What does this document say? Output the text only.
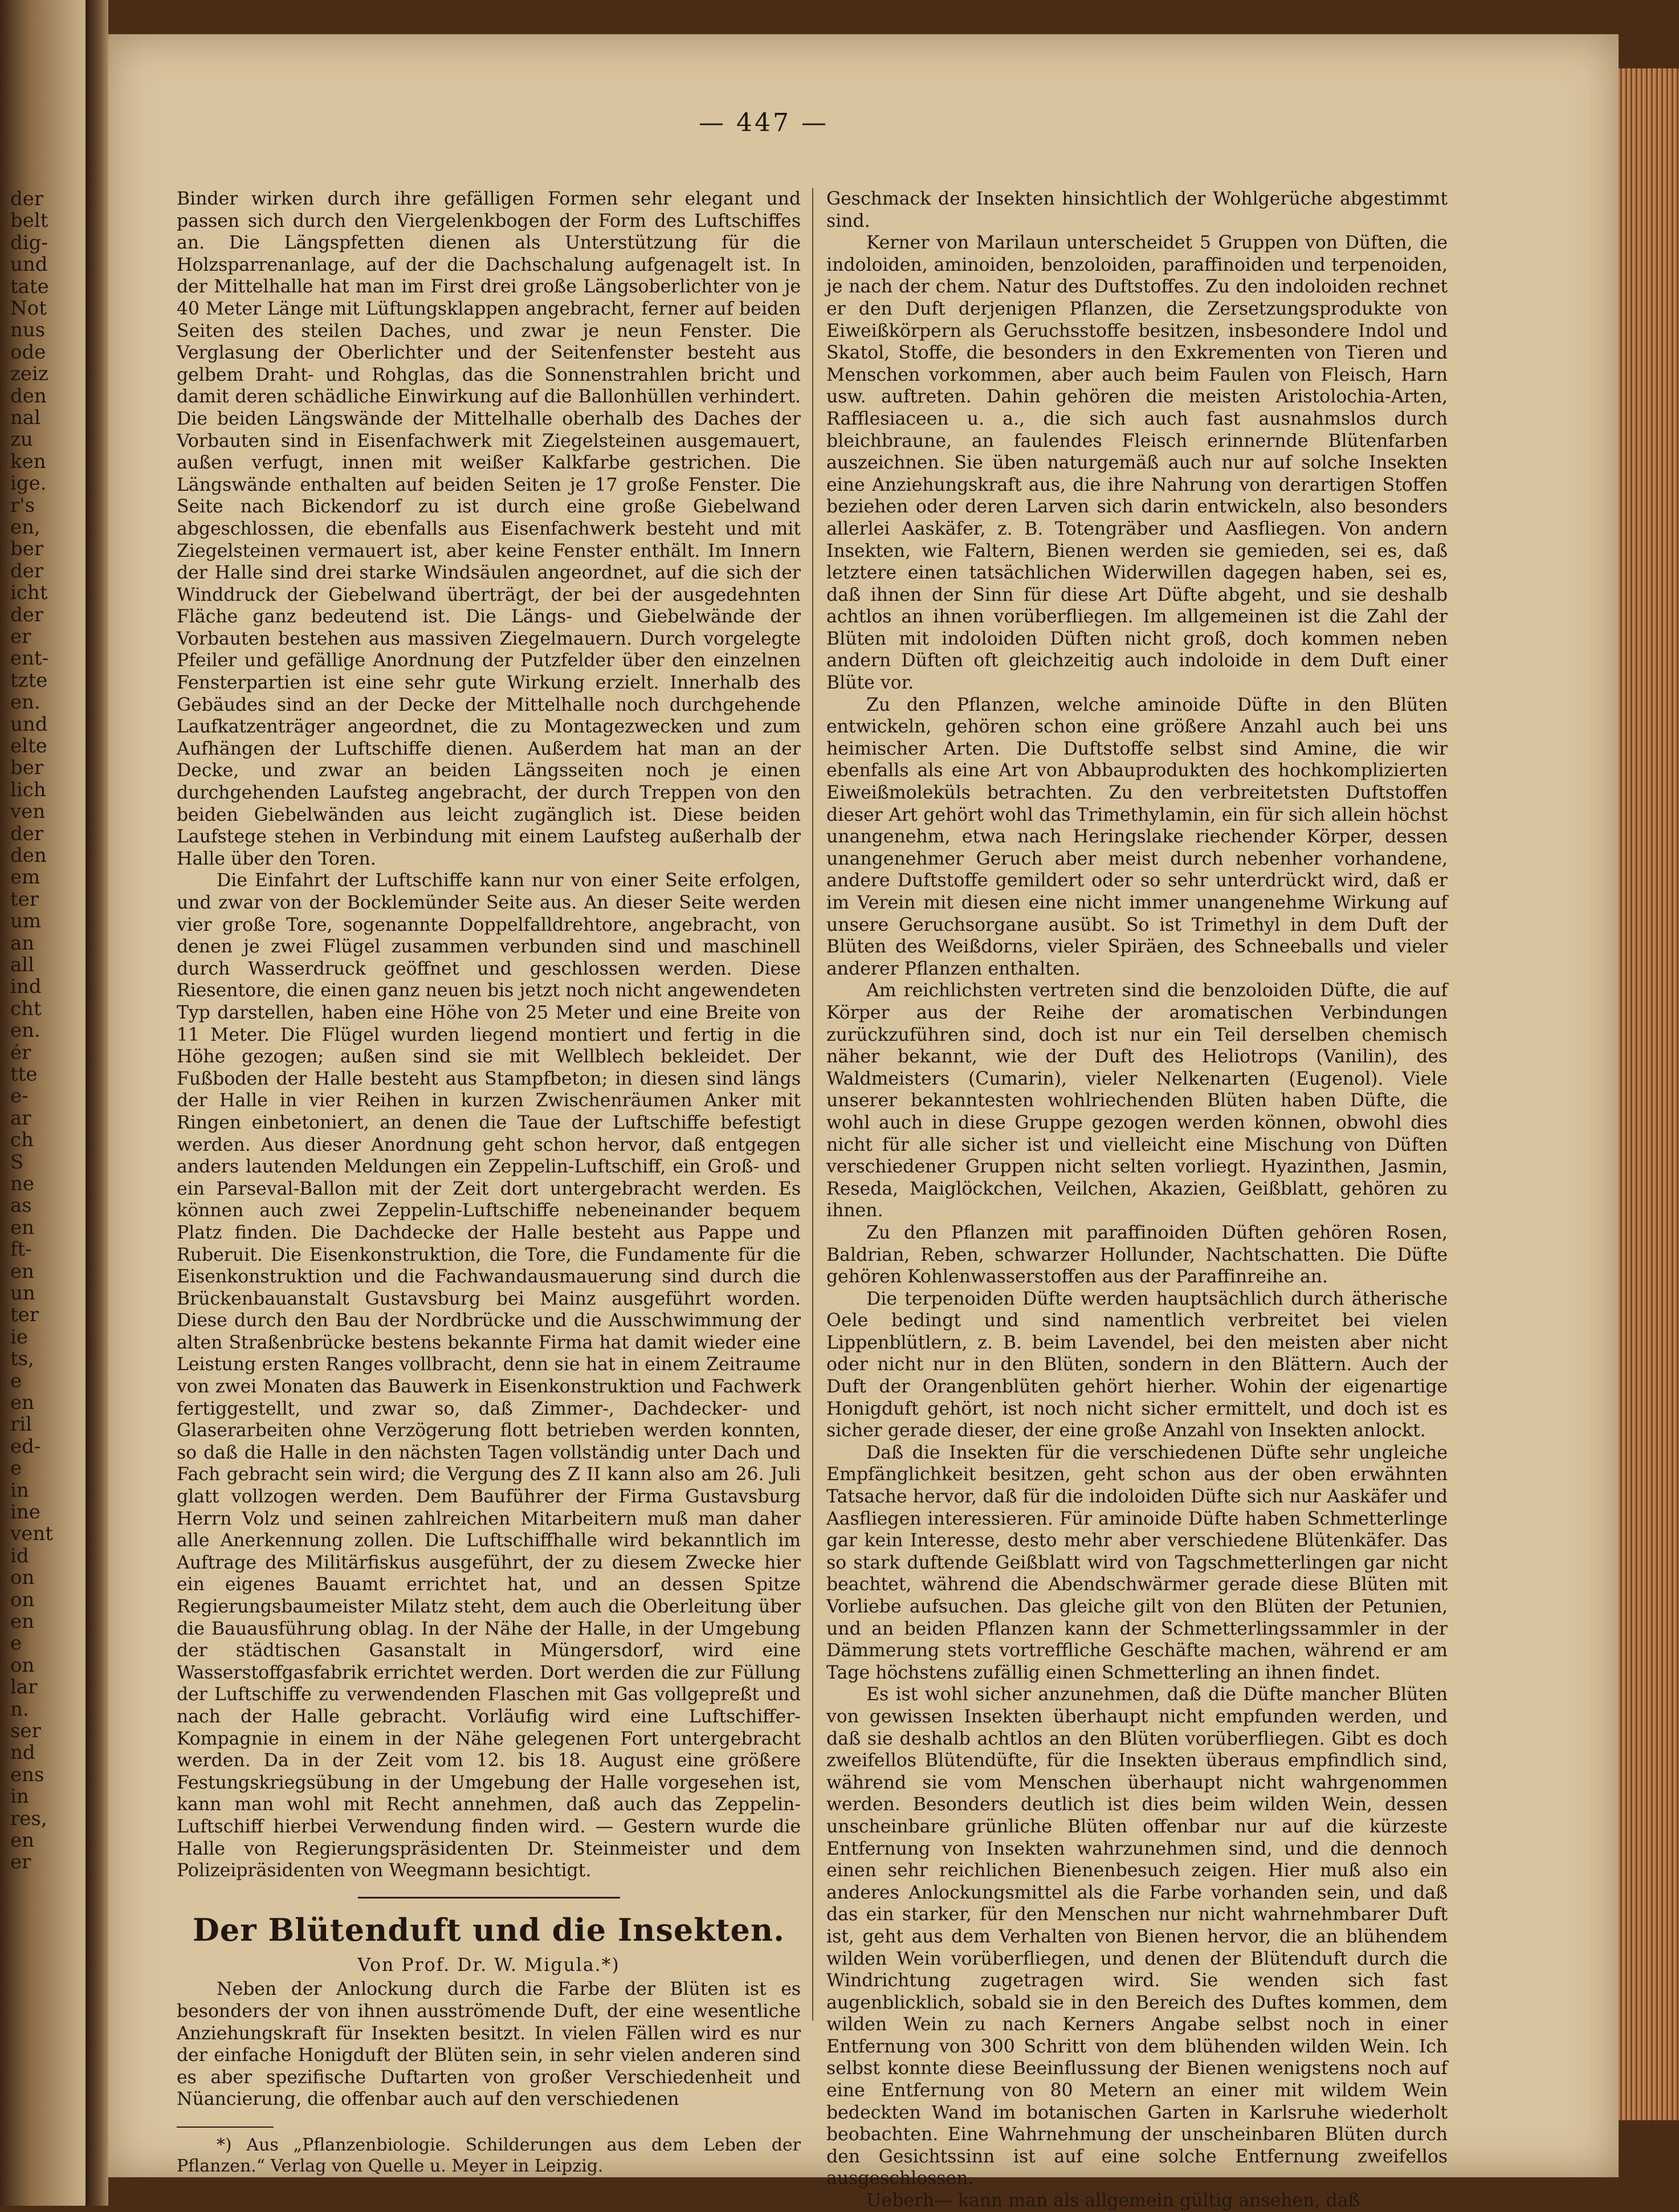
der
belt
dig-
und
tate
Not
nus
ode
zeiz
den
nal
zu
ken
ige.
r's
en,
ber
der
icht
der
er
ent-
tzte
en.
und
elte
ber
lich
ven
der
den
em
ter
um
an
all
ind
cht
en.
ér
tte
e-
ar
ch
S
ne
as
en
ft-
en
un
ter
ie
ts,
e
en
ril
ed-
e
in
ine
vent
id
on
on
en
e
on
lar
n.
ser
nd
ens
in
res,
en
er
— 447 —

Binder wirken durch ihre gefälligen Formen sehr elegant und passen sich durch den Viergelenkbogen der Form des Luftschiffes an. Die Längspfetten dienen als Unterstützung für die Holzsparrenanlage, auf der die Dachschalung aufgenagelt ist. In der Mittelhalle hat man im First drei große Längsoberlichter von je 40 Meter Länge mit Lüftungsklappen angebracht, ferner auf beiden Seiten des steilen Daches, und zwar je neun Fenster. Die Verglasung der Oberlichter und der Seitenfenster besteht aus gelbem Draht- und Rohglas, das die Sonnenstrahlen bricht und damit deren schädliche Einwirkung auf die Ballonhüllen verhindert. Die beiden Längswände der Mittelhalle oberhalb des Daches der Vorbauten sind in Eisenfachwerk mit Ziegelsteinen ausgemauert, außen verfugt, innen mit weißer Kalkfarbe gestrichen. Die Längswände enthalten auf beiden Seiten je 17 große Fenster. Die Seite nach Bickendorf zu ist durch eine große Giebelwand abgeschlossen, die ebenfalls aus Eisenfachwerk besteht und mit Ziegelsteinen vermauert ist, aber keine Fenster enthält. Im Innern der Halle sind drei starke Windsäulen angeordnet, auf die sich der Winddruck der Giebelwand überträgt, der bei der ausgedehnten Fläche ganz bedeutend ist. Die Längs- und Giebelwände der Vorbauten bestehen aus massiven Ziegelmauern. Durch vorgelegte Pfeiler und gefällige Anordnung der Putzfelder über den einzelnen Fensterpartien ist eine sehr gute Wirkung erzielt. Innerhalb des Gebäudes sind an der Decke der Mittelhalle noch durchgehende Laufkatzenträger angeordnet, die zu Montagezwecken und zum Aufhängen der Luftschiffe dienen. Außerdem hat man an der Decke, und zwar an beiden Längsseiten noch je einen durchgehenden Laufsteg angebracht, der durch Treppen von den beiden Giebelwänden aus leicht zugänglich ist. Diese beiden Laufstege stehen in Verbindung mit einem Laufsteg außerhalb der Halle über den Toren.

Die Einfahrt der Luftschiffe kann nur von einer Seite erfolgen, und zwar von der Bocklemünder Seite aus. An dieser Seite werden vier große Tore, sogenannte Doppelfalldrehtore, angebracht, von denen je zwei Flügel zusammen verbunden sind und maschinell durch Wasserdruck geöffnet und geschlossen werden. Diese Riesentore, die einen ganz neuen bis jetzt noch nicht angewendeten Typ darstellen, haben eine Höhe von 25 Meter und eine Breite von 11 Meter. Die Flügel wurden liegend montiert und fertig in die Höhe gezogen; außen sind sie mit Wellblech bekleidet. Der Fußboden der Halle besteht aus Stampfbeton; in diesen sind längs der Halle in vier Reihen in kurzen Zwischenräumen Anker mit Ringen einbetoniert, an denen die Taue der Luftschiffe befestigt werden. Aus dieser Anordnung geht schon hervor, daß entgegen anders lautenden Meldungen ein Zeppelin-Luftschiff, ein Groß- und ein Parseval-Ballon mit der Zeit dort untergebracht werden. Es können auch zwei Zeppelin-Luftschiffe nebeneinander bequem Platz finden. Die Dachdecke der Halle besteht aus Pappe und Ruberuit. Die Eisenkonstruktion, die Tore, die Fundamente für die Eisenkonstruktion und die Fachwandausmauerung sind durch die Brückenbauanstalt Gustavsburg bei Mainz ausgeführt worden. Diese durch den Bau der Nordbrücke und die Ausschwimmung der alten Straßenbrücke bestens bekannte Firma hat damit wieder eine Leistung ersten Ranges vollbracht, denn sie hat in einem Zeitraume von zwei Monaten das Bauwerk in Eisenkonstruktion und Fachwerk fertiggestellt, und zwar so, daß Zimmer-, Dachdecker- und Glaserarbeiten ohne Verzögerung flott betrieben werden konnten, so daß die Halle in den nächsten Tagen vollständig unter Dach und Fach gebracht sein wird; die Vergung des Z II kann also am 26. Juli glatt vollzogen werden. Dem Bauführer der Firma Gustavsburg Herrn Volz und seinen zahlreichen Mitarbeitern muß man daher alle Anerkennung zollen. Die Luftschiffhalle wird bekanntlich im Auftrage des Militärfiskus ausgeführt, der zu diesem Zwecke hier ein eigenes Bauamt errichtet hat, und an dessen Spitze Regierungsbaumeister Milatz steht, dem auch die Oberleitung über die Bauausführung oblag. In der Nähe der Halle, in der Umgebung der städtischen Gasanstalt in Müngersdorf, wird eine Wasserstoffgasfabrik errichtet werden. Dort werden die zur Füllung der Luftschiffe zu verwendenden Flaschen mit Gas vollgepreßt und nach der Halle gebracht. Vorläufig wird eine Luftschiffer-Kompagnie in einem in der Nähe gelegenen Fort untergebracht werden. Da in der Zeit vom 12. bis 18. August eine größere Festungskriegsübung in der Umgebung der Halle vorgesehen ist, kann man wohl mit Recht annehmen, daß auch das Zeppelin-Luftschiff hierbei Verwendung finden wird. — Gestern wurde die Halle von Regierungspräsidenten Dr. Steinmeister und dem Polizeipräsidenten von Weegmann besichtigt.

Der Blütenduft und die Insekten.
Von Prof. Dr. W. Migula.*)

Neben der Anlockung durch die Farbe der Blüten ist es besonders der von ihnen ausströmende Duft, der eine wesentliche Anziehungskraft für Insekten besitzt. In vielen Fällen wird es nur der einfache Honigduft der Blüten sein, in sehr vielen anderen sind es aber spezifische Duftarten von großer Verschiedenheit und Nüancierung, die offenbar auch auf den verschiedenen

*) Aus „Pflanzenbiologie. Schilderungen aus dem Leben der Pflanzen.“ Verlag von Quelle u. Meyer in Leipzig.

Geschmack der Insekten hinsichtlich der Wohlgerüche abgestimmt sind.

Kerner von Marilaun unterscheidet 5 Gruppen von Düften, die indoloiden, aminoiden, benzoloiden, paraffinoiden und terpenoiden, je nach der chem. Natur des Duftstoffes. Zu den indoloiden rechnet er den Duft derjenigen Pflanzen, die Zersetzungsprodukte von Eiweißkörpern als Geruchsstoffe besitzen, insbesondere Indol und Skatol, Stoffe, die besonders in den Exkrementen von Tieren und Menschen vorkommen, aber auch beim Faulen von Fleisch, Harn usw. auftreten. Dahin gehören die meisten Aristolochia-Arten, Rafflesiaceen u. a., die sich auch fast ausnahmslos durch bleichbraune, an faulendes Fleisch erinnernde Blütenfarben auszeichnen. Sie üben naturgemäß auch nur auf solche Insekten eine Anziehungskraft aus, die ihre Nahrung von derartigen Stoffen beziehen oder deren Larven sich darin entwickeln, also besonders allerlei Aaskäfer, z. B. Totengräber und Aasfliegen. Von andern Insekten, wie Faltern, Bienen werden sie gemieden, sei es, daß letztere einen tatsächlichen Widerwillen dagegen haben, sei es, daß ihnen der Sinn für diese Art Düfte abgeht, und sie deshalb achtlos an ihnen vorüberfliegen. Im allgemeinen ist die Zahl der Blüten mit indoloiden Düften nicht groß, doch kommen neben andern Düften oft gleichzeitig auch indoloide in dem Duft einer Blüte vor.

Zu den Pflanzen, welche aminoide Düfte in den Blüten entwickeln, gehören schon eine größere Anzahl auch bei uns heimischer Arten. Die Duftstoffe selbst sind Amine, die wir ebenfalls als eine Art von Abbauprodukten des hochkomplizierten Eiweißmoleküls betrachten. Zu den verbreitetsten Duftstoffen dieser Art gehört wohl das Trimethylamin, ein für sich allein höchst unangenehm, etwa nach Heringslake riechender Körper, dessen unangenehmer Geruch aber meist durch nebenher vorhandene, andere Duftstoffe gemildert oder so sehr unterdrückt wird, daß er im Verein mit diesen eine nicht immer unangenehme Wirkung auf unsere Geruchsorgane ausübt. So ist Trimethyl in dem Duft der Blüten des Weißdorns, vieler Spiräen, des Schneeballs und vieler anderer Pflanzen enthalten.

Am reichlichsten vertreten sind die benzoloiden Düfte, die auf Körper aus der Reihe der aromatischen Verbindungen zurückzuführen sind, doch ist nur ein Teil derselben chemisch näher bekannt, wie der Duft des Heliotrops (Vanilin), des Waldmeisters (Cumarin), vieler Nelkenarten (Eugenol). Viele unserer bekanntesten wohlriechenden Blüten haben Düfte, die wohl auch in diese Gruppe gezogen werden können, obwohl dies nicht für alle sicher ist und vielleicht eine Mischung von Düften verschiedener Gruppen nicht selten vorliegt. Hyazinthen, Jasmin, Reseda, Maiglöckchen, Veilchen, Akazien, Geißblatt, gehören zu ihnen.

Zu den Pflanzen mit paraffinoiden Düften gehören Rosen, Baldrian, Reben, schwarzer Hollunder, Nachtschatten. Die Düfte gehören Kohlenwasserstoffen aus der Paraffinreihe an.

Die terpenoiden Düfte werden hauptsächlich durch ätherische Oele bedingt und sind namentlich verbreitet bei vielen Lippenblütlern, z. B. beim Lavendel, bei den meisten aber nicht oder nicht nur in den Blüten, sondern in den Blättern. Auch der Duft der Orangenblüten gehört hierher. Wohin der eigenartige Honigduft gehört, ist noch nicht sicher ermittelt, und doch ist es sicher gerade dieser, der eine große Anzahl von Insekten anlockt.

Daß die Insekten für die verschiedenen Düfte sehr ungleiche Empfänglichkeit besitzen, geht schon aus der oben erwähnten Tatsache hervor, daß für die indoloiden Düfte sich nur Aaskäfer und Aasfliegen interessieren. Für aminoide Düfte haben Schmetterlinge gar kein Interesse, desto mehr aber verschiedene Blütenkäfer. Das so stark duftende Geißblatt wird von Tagschmetterlingen gar nicht beachtet, während die Abendschwärmer gerade diese Blüten mit Vorliebe aufsuchen. Das gleiche gilt von den Blüten der Petunien, und an beiden Pflanzen kann der Schmetterlingssammler in der Dämmerung stets vortreffliche Geschäfte machen, während er am Tage höchstens zufällig einen Schmetterling an ihnen findet.

Es ist wohl sicher anzunehmen, daß die Düfte mancher Blüten von gewissen Insekten überhaupt nicht empfunden werden, und daß sie deshalb achtlos an den Blüten vorüberfliegen. Gibt es doch zweifellos Blütendüfte, für die Insekten überaus empfindlich sind, während sie vom Menschen überhaupt nicht wahrgenommen werden. Besonders deutlich ist dies beim wilden Wein, dessen unscheinbare grünliche Blüten offenbar nur auf die kürzeste Entfernung von Insekten wahrzunehmen sind, und die dennoch einen sehr reichlichen Bienenbesuch zeigen. Hier muß also ein anderes Anlockungsmittel als die Farbe vorhanden sein, und daß das ein starker, für den Menschen nur nicht wahrnehmbarer Duft ist, geht aus dem Verhalten von Bienen hervor, die an blühendem wilden Wein vorüberfliegen, und denen der Blütenduft durch die Windrichtung zugetragen wird. Sie wenden sich fast augenblicklich, sobald sie in den Bereich des Duftes kommen, dem wilden Wein zu nach Kerners Angabe selbst noch in einer Entfernung von 300 Schritt von dem blühenden wilden Wein. Ich selbst konnte diese Beeinflussung der Bienen wenigstens noch auf eine Entfernung von 80 Metern an einer mit wildem Wein bedeckten Wand im botanischen Garten in Karlsruhe wiederholt beobachten. Eine Wahrnehmung der unscheinbaren Blüten durch den Gesichtssinn ist auf eine solche Entfernung zweifellos ausgeschlossen.

Ueberh— kann man als allgemein gültig ansehen, daß
